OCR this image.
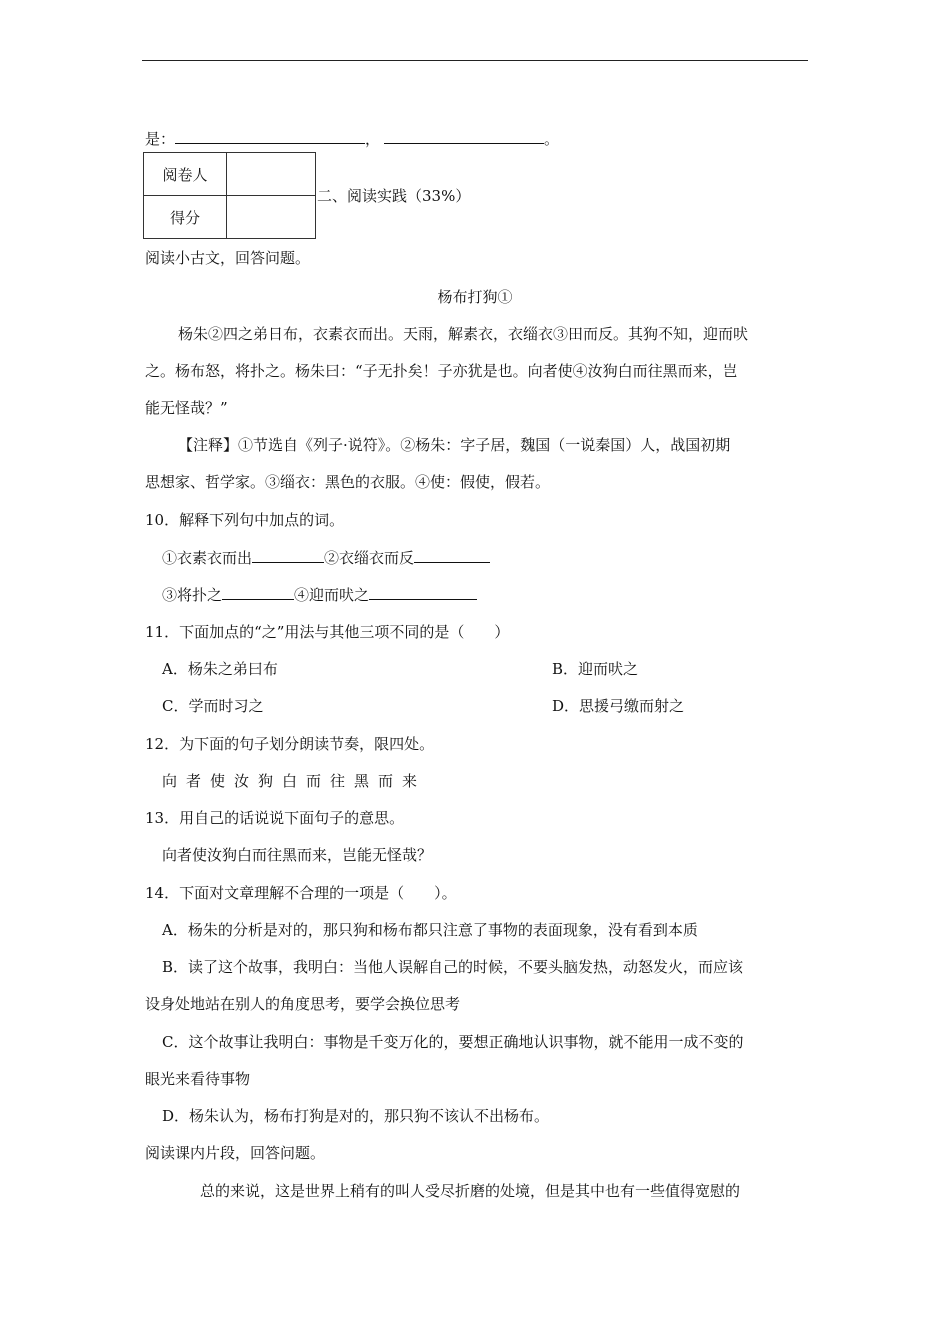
是：	，	。
阅卷人	
得分	
二、阅读实践（33%）
阅读小古文，回答问题。
杨布打狗①
杨朱②四之弟日布，衣素衣而出。天雨，解素衣，衣缁衣③田而反。其狗不知，迎而吠
之。杨布怒，将扑之。杨朱曰：“子无扑矣！子亦犹是也。向者使④汝狗白而往黑而来，岂
能无怪哉？”
【注释】①节选自《列子·说符》。②杨朱：字子居，魏国（一说秦国）人，战国初期
思想家、哲学家。③缁衣：黑色的衣服。④使：假使，假若。
10．解释下列句中加点的词。
①衣素衣而出	②衣缁衣而反
③将扑之	④迎而吠之
11．下面加点的“之”用法与其他三项不同的是（　　）
A．杨朱之弟曰布	B．迎而吠之
C．学而时习之	D．思援弓缴而射之
12．为下面的句子划分朗读节奏，限四处。
向者使汝狗白而往黑而来
13．用自己的话说说下面句子的意思。
向者使汝狗白而往黑而来，岂能无怪哉？
14．下面对文章理解不合理的一项是（　　）。
A．杨朱的分析是对的，那只狗和杨布都只注意了事物的表面现象，没有看到本质
B．读了这个故事，我明白：当他人误解自己的时候，不要头脑发热，动怒发火，而应该
设身处地站在别人的角度思考，要学会换位思考
C．这个故事让我明白：事物是千变万化的，要想正确地认识事物，就不能用一成不变的
眼光来看待事物
D．杨朱认为，杨布打狗是对的，那只狗不该认不出杨布。
阅读课内片段，回答问题。
总的来说，这是世界上稍有的叫人受尽折磨的处境，但是其中也有一些值得宽慰的
